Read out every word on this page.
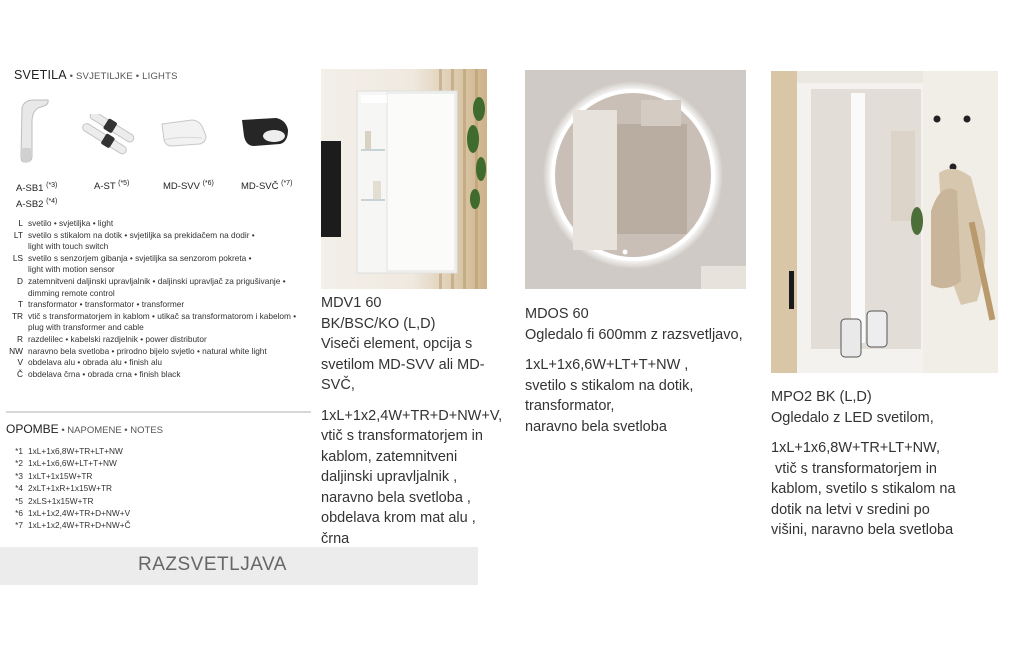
SVETILA • SVJETILJKE • LIGHTS
A-SB1 $^{(*3)}$
A-SB2 $^{(*4)}$
A-ST $^{(*5)}$	MD-SVV $^{(*6)}$	MD-SVČ $^{(*7)}$
L svetilo • svjetiljka • light
LT svetilo s stikalom na dotik • svjetiljka sa prekidačem na dodir •
light with touch switch
LS svetilo s senzorjem gibanja • svjetiljka sa senzorom pokreta •
light with motion sensor
D zatemnitveni daljinski upravljalnik • daljinski upravljač za prigušivanje •
dimming remote control
T transformator • transformator • transformer
TR vtič s transformatorjem in kablom • utikač sa transformatorom i kabelom •
plug with transformer and cable
R razdelilec • kabelski razdjelnik • power distributor
NW naravno bela svetloba • prirodno bijelo svjetlo • natural white light
V obdelava alu • obrada alu • finish alu
Č obdelava črna • obrada crna • finish black
OPOMBE • NAPOMENE • NOTES
*1 1xL+1x6,8W+TR+LT+NW
*2 1xL+1x6,6W+LT+T+NW
*3 1xLT+1x15W+TR
*4 2xLT+1xR+1x15W+TR
*5 2xLS+1x15W+TR
*6 1xL+1x2,4W+TR+D+NW+V
*7 1xL+1x2,4W+TR+D+NW+Č
RAZSVETLJAVA
MDV1 60
BK/BSC/KO (L,D)
Viseči element, opcija s
svetilom MD-SVV ali MD-
SVČ,
1xL+1x2,4W+TR+D+NW+V,
vtič s transformatorjem in
kablom, zatemnitveni
daljinski upravljalnik ,
naravno bela svetloba ,
obdelava krom mat alu ,
črna
MDOS 60
Ogledalo fi 600mm z razsvetljavo,
1xL+1x6,6W+LT+T+NW ,
svetilo s stikalom na dotik,
transformator,
naravno bela svetloba
MPO2 BK (L,D)
Ogledalo z LED svetilom,
1xL+1x6,8W+TR+LT+NW,
vtič s transformatorjem in
kablom, svetilo s stikalom na
dotik na letvi v sredini po
višini, naravno bela svetloba
